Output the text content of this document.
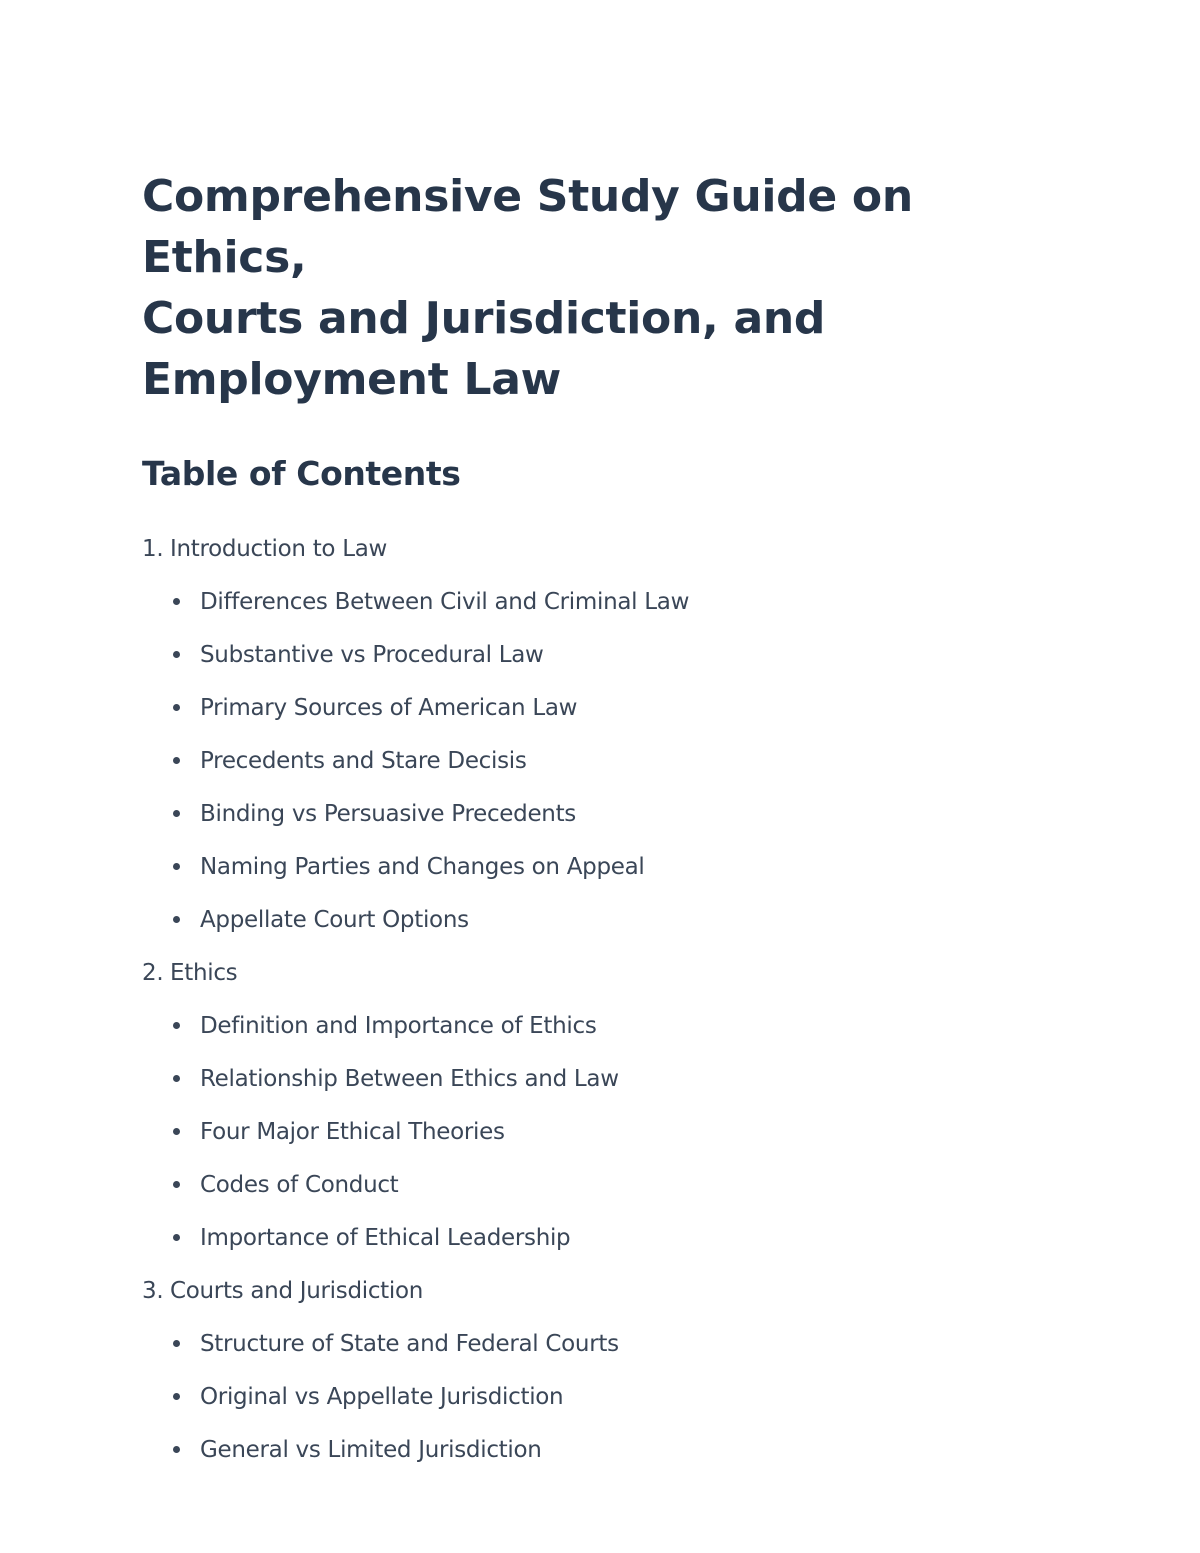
Comprehensive Study Guide on Ethics,
Courts and Jurisdiction, and
Employment Law
Table of Contents
1. Introduction to Law
Differences Between Civil and Criminal Law
Substantive vs Procedural Law
Primary Sources of American Law
Precedents and Stare Decisis
Binding vs Persuasive Precedents
Naming Parties and Changes on Appeal
Appellate Court Options
2. Ethics
Definition and Importance of Ethics
Relationship Between Ethics and Law
Four Major Ethical Theories
Codes of Conduct
Importance of Ethical Leadership
3. Courts and Jurisdiction
Structure of State and Federal Courts
Original vs Appellate Jurisdiction
General vs Limited Jurisdiction
